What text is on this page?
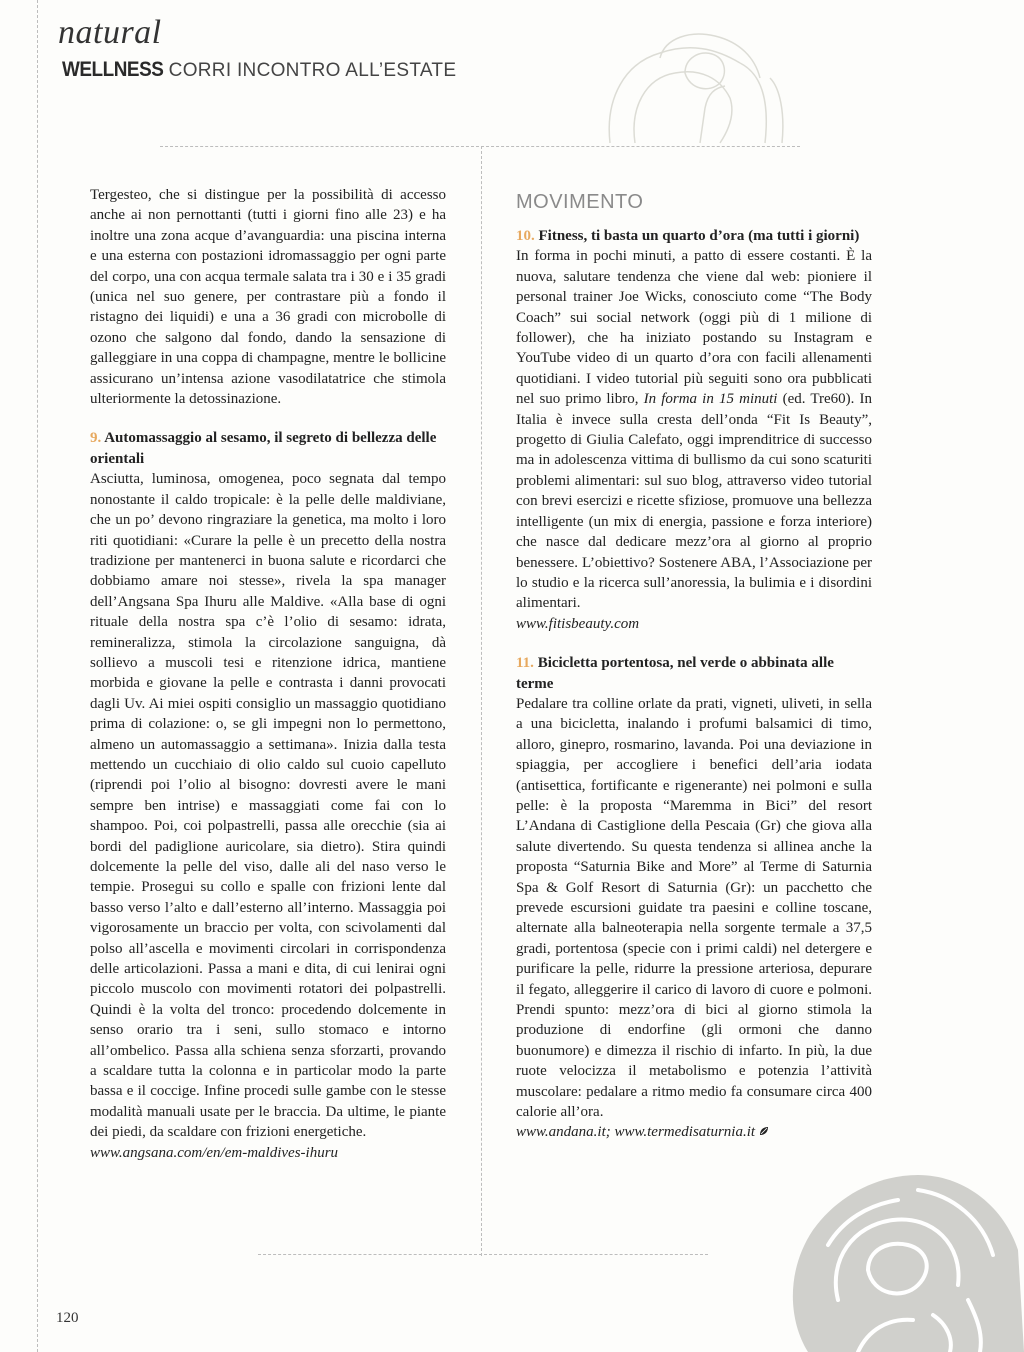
natural
WELLNESS CORRI INCONTRO ALL’ESTATE

Tergesteo, che si distingue per la possibilità di accesso anche ai non pernottanti (tutti i giorni fino alle 23) e ha inoltre una zona acque d’avanguardia: una piscina interna e una esterna con postazioni idromassaggio per ogni parte del corpo, una con acqua termale salata tra i 30 e i 35 gradi (unica nel suo genere, per contrastare più a fondo il ristagno dei liquidi) e una a 36 gradi con microbolle di ozono che salgono dal fondo, dando la sensazione di galleggiare in una coppa di champagne, mentre le bollicine assicurano un’intensa azione vasodilatatrice che stimola ulteriormente la detossinazione.

9. Automassaggio al sesamo, il segreto di bellezza delle orientali

Asciutta, luminosa, omogenea, poco segnata dal tempo nonostante il caldo tropicale: è la pelle delle maldiviane, che un po’ devono ringraziare la genetica, ma molto i loro riti quotidiani: «Curare la pelle è un precetto della nostra tradizione per mantenerci in buona salute e ricordarci che dobbiamo amare noi stesse», rivela la spa manager dell’Angsana Spa Ihuru alle Maldive. «Alla base di ogni rituale della nostra spa c’è l’olio di sesamo: idrata, remineralizza, stimola la circolazione sanguigna, dà sollievo a muscoli tesi e ritenzione idrica, mantiene morbida e giovane la pelle e contrasta i danni provocati dagli Uv. Ai miei ospiti consiglio un massaggio quotidiano prima di colazione: o, se gli impegni non lo permettono, almeno un automassaggio a settimana». Inizia dalla testa mettendo un cucchiaio di olio caldo sul cuoio capelluto (riprendi poi l’olio al bisogno: dovresti avere le mani sempre ben intrise) e massaggiati come fai con lo shampoo. Poi, coi polpastrelli, passa alle orecchie (sia ai bordi del padiglione auricolare, sia dietro). Stira quindi dolcemente la pelle del viso, dalle ali del naso verso le tempie. Prosegui su collo e spalle con frizioni lente dal basso verso l’alto e dall’esterno all’interno. Massaggia poi vigorosamente un braccio per volta, con scivolamenti dal polso all’ascella e movimenti circolari in corrispondenza delle articolazioni. Passa a mani e dita, di cui lenirai ogni piccolo muscolo con movimenti rotatori dei polpastrelli. Quindi è la volta del tronco: procedendo dolcemente in senso orario tra i seni, sullo stomaco e intorno all’ombelico. Passa alla schiena senza sforzarti, provando a scaldare tutta la colonna e in particolar modo la parte bassa e il coccige. Infine procedi sulle gambe con le stesse modalità manuali usate per le braccia. Da ultime, le piante dei piedi, da scaldare con frizioni energetiche.

www.angsana.com/en/em-maldives-ihuru

MOVIMENTO

10. Fitness, ti basta un quarto d’ora (ma tutti i giorni)

In forma in pochi minuti, a patto di essere costanti. È la nuova, salutare tendenza che viene dal web: pioniere il personal trainer Joe Wicks, conosciuto come “The Body Coach” sui social network (oggi più di 1 milione di follower), che ha iniziato postando su Instagram e YouTube video di un quarto d’ora con facili allenamenti quotidiani. I video tutorial più seguiti sono ora pubblicati nel suo primo libro, In forma in 15 minuti (ed. Tre60). In Italia è invece sulla cresta dell’onda “Fit Is Beauty”, progetto di Giulia Calefato, oggi imprenditrice di successo ma in adolescenza vittima di bullismo da cui sono scaturiti problemi alimentari: sul suo blog, attraverso video tutorial con brevi esercizi e ricette sfiziose, promuove una bellezza intelligente (un mix di energia, passione e forza interiore) che nasce dal dedicare mezz’ora al giorno al proprio benessere. L’obiettivo? Sostenere ABA, l’Associazione per lo studio e la ricerca sull’anoressia, la bulimia e i disordini alimentari.

www.fitisbeauty.com

11. Bicicletta portentosa, nel verde o abbinata alle terme

Pedalare tra colline orlate da prati, vigneti, uliveti, in sella a una bicicletta, inalando i profumi balsamici di timo, alloro, ginepro, rosmarino, lavanda. Poi una deviazione in spiaggia, per accogliere i benefici dell’aria iodata (antisettica, fortificante e rigenerante) nei polmoni e sulla pelle: è la proposta “Maremma in Bici” del resort L’Andana di Castiglione della Pescaia (Gr) che giova alla salute divertendo. Su questa tendenza si allinea anche la proposta “Saturnia Bike and More” al Terme di Saturnia Spa & Golf Resort di Saturnia (Gr): un pacchetto che prevede escursioni guidate tra paesini e colline toscane, alternate alla balneoterapia nella sorgente termale a 37,5 gradi, portentosa (specie con i primi caldi) nel detergere e purificare la pelle, ridurre la pressione arteriosa, depurare il fegato, alleggerire il carico di lavoro di cuore e polmoni. Prendi spunto: mezz’ora di bici al giorno stimola la produzione di endorfine (gli ormoni che danno buonumore) e dimezza il rischio di infarto. In più, la due ruote velocizza il metabolismo e potenzia l’attività muscolare: pedalare a ritmo medio fa consumare circa 400 calorie all’ora.

www.andana.it; www.termedisaturnia.it

120
